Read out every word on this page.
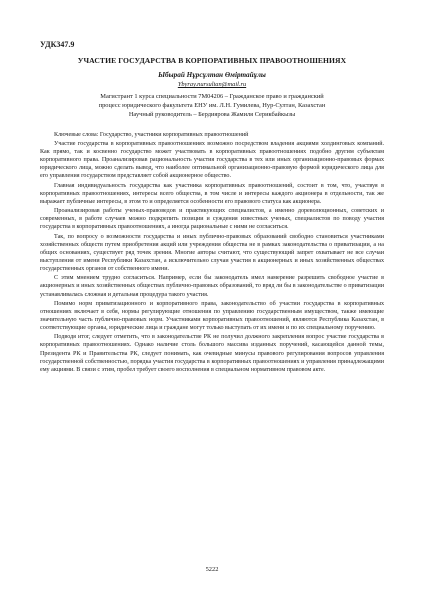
УДК347.9
УЧАСТИЕ ГОСУДАРСТВА В КОРПОРАТИВНЫХ ПРАВООТНОШЕНИЯХ
Ыбырай Нұрсұлтан Өміртайұлы
Ybyray.nursultan@mail.ru
Магистрант 1 курса специальности 7М04206 – Гражданское право и гражданский
процесс юридического факультета ЕНУ им. Л.Н. Гумилева, Нур-Султан, Казахстан
Научный руководитель – Бердиярова Жамиля Серикбайкызы

Ключевые слова: Государство, участники корпоративных правоотношений

Участие государства в корпоративных правоотношениях возможно посредством владения акциями холдинговых компаний. Как прямо, так и косвенно государство может участвовать в корпоративных правоотношениях подобно другим субъектам корпоративного права. Проанализировав рациональность участия государства в тех или иных организационно-правовых формах юридического лица, можно сделать вывод, что наиболее оптимальной организационно-правовую формой юридического лица для его управления государством представляет собой акционерное общество.

Главная индивидуальность государства как участника корпоративных правоотношений, состоит в том, что, участвуя в корпоративных правоотношениях, интересы всего общества, в том числе и интересы каждого акционера в отдельности, так же выражает публичные интересы, в этом то и определяется особенности его правового статуса как акционера.

Проанализировав работы ученых-правоведов и практикующих специалистов, а именно дореволюционных, советских и современных, в работе случаев можно подкрепить позиции и суждения известных ученых, специалистов по поводу участия государства в корпоративных правоотношениях, а иногда рациональные с ними не согласиться.

Так, по вопросу о возможности государства и иных публично-правовых образований свободно становиться участниками хозяйственных обществ путем приобретения акций или учреждения общества не в рамках законодательства о приватизации, а на общих основаниях, существует ряд точек зрения. Многие авторы считают, что существующий запрет охватывает не все случаи выступления от имени Республики Казахстан, а исключительно случаи участия в акционерных и иных хозяйственных обществах государственных органов от собственного имени.

С этим мнением трудно согласиться. Например, если бы законодатель имел намерение разрешить свободное участие в акционерных и иных хозяйственных обществах публично-правовых образований, то вряд ли бы в законодательстве о приватизации устанавливалась сложная и детальная процедура такого участия.

Помимо норм приватизационного и корпоративного права, законодательство об участии государства в корпоративных отношениях включает в себя, нормы регулирующие отношения по управлению государственным имуществом, также имеющие значительную часть публично-правовых норм. Участниками корпоративных правоотношений, являются Республика Казахстан, в соответствующие органы, юридические лица и граждане могут только выступать от их имени и по их специальному поручению.

Подводя итог, следует отметить, что в законодательстве РК не получил должного закрепления вопрос участие государства в корпоративных правоотношениях. Однако наличие столь большого массива изданных поручений, касающейся данной темы, Президента РК и Правительства РК, следует понимать, как очевидные минусы правового регулирования вопросов управления государственной собственностью, порядка участия государства в корпоративных правоотношениях и управления принадлежащими ему акциями. В связи с этим, пробел требует своего восполнения в специальном нормативном правовом акте.

5222
